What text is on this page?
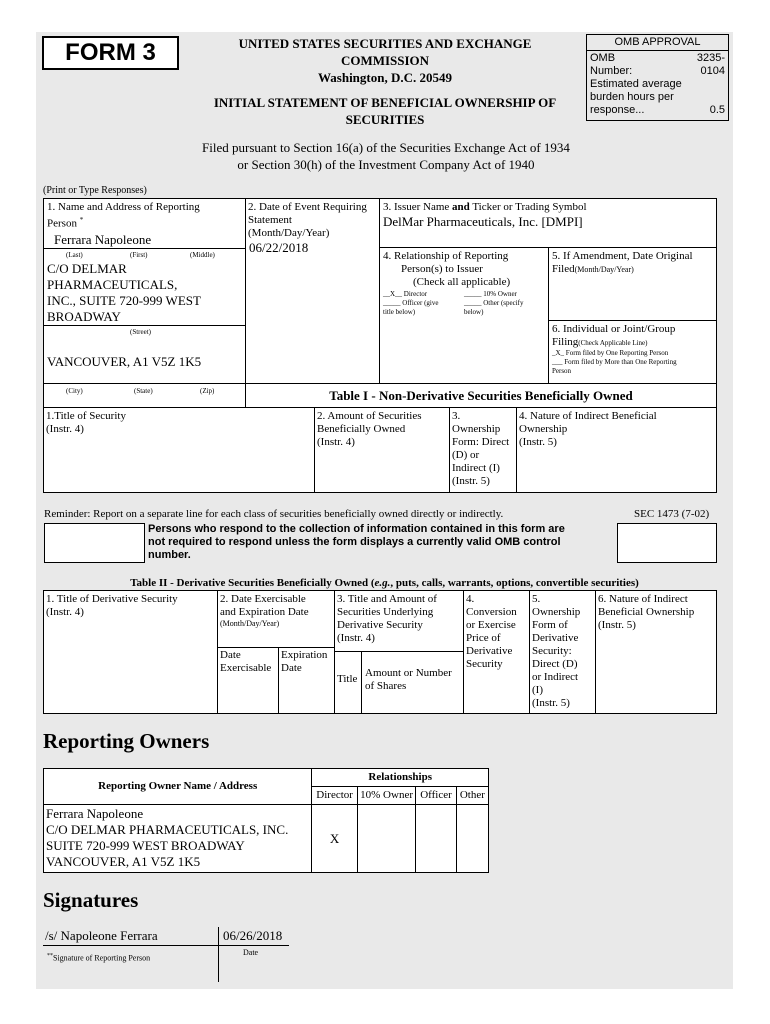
FORM 3	UNITED STATES SECURITIES AND EXCHANGE
COMMISSION
Washington, D.C. 20549
INITIAL STATEMENT OF BENEFICIAL OWNERSHIP OF
SECURITIES
OMB APPROVAL
OMB	3235-
Number:	0104
Estimated average
burden hours per
response...	0.5
Filed pursuant to Section 16(a) of the Securities Exchange Act of 1934
or Section 30(h) of the Investment Company Act of 1940
(Print or Type Responses)
1. Name and Address of Reporting
Person *
Ferrara Napoleone
(Last)	(First)	(Middle)
C/O DELMAR
PHARMACEUTICALS,
INC., SUITE 720-999 WEST
BROADWAY
(Street)
VANCOUVER, A1 V5Z 1K5
(City)	(State)	(Zip)
2. Date of Event Requiring
Statement
(Month/Day/Year)
06/22/2018
3. Issuer Name and Ticker or Trading Symbol
DelMar Pharmaceuticals, Inc. [DMPI]
4. Relationship of Reporting
Person(s) to Issuer
(Check all applicable)
__X__ Director	_____ 10% Owner
_____ Officer (give
title below)
_____ Other (specify
below)
5. If Amendment, Date Original
Filed(Month/Day/Year)
6. Individual or Joint/Group
Filing(Check Applicable Line)
_X_ Form filed by One Reporting Person
___ Form filed by More than One Reporting
Person
Table I - Non-Derivative Securities Beneficially Owned
1.Title of Security
(Instr. 4)
2. Amount of Securities
Beneficially Owned
(Instr. 4)
3.
Ownership
Form: Direct
(D) or
Indirect (I)
(Instr. 5)
4. Nature of Indirect Beneficial
Ownership
(Instr. 5)
Reminder: Report on a separate line for each class of securities beneficially owned directly or indirectly.	SEC 1473 (7-02)
Persons who respond to the collection of information contained in this form are
not required to respond unless the form displays a currently valid OMB control
number.
Table II - Derivative Securities Beneficially Owned (e.g., puts, calls, warrants, options, convertible securities)
1. Title of Derivative Security
(Instr. 4)
2. Date Exercisable
and Expiration Date
(Month/Day/Year)
Date
Exercisable
Expiration
Date
3. Title and Amount of
Securities Underlying
Derivative Security
(Instr. 4)
Title Amount or Number
of Shares
4.
Conversion
or Exercise
Price of
Derivative
Security
5.
Ownership
Form of
Derivative
Security:
Direct (D)
or Indirect
(I)
(Instr. 5)
6. Nature of Indirect
Beneficial Ownership
(Instr. 5)
Reporting Owners
Reporting Owner Name / Address	Relationships			
	Director	10% Owner	Officer	Other

Ferrara Napoleone
C/O DELMAR PHARMACEUTICALS, INC.
SUITE 720-999 WEST BROADWAY
VANCOUVER, A1 V5Z 1K5	X			
Signatures
/s/ Napoleone Ferrara
**Signature of Reporting Person
06/26/2018
Date
